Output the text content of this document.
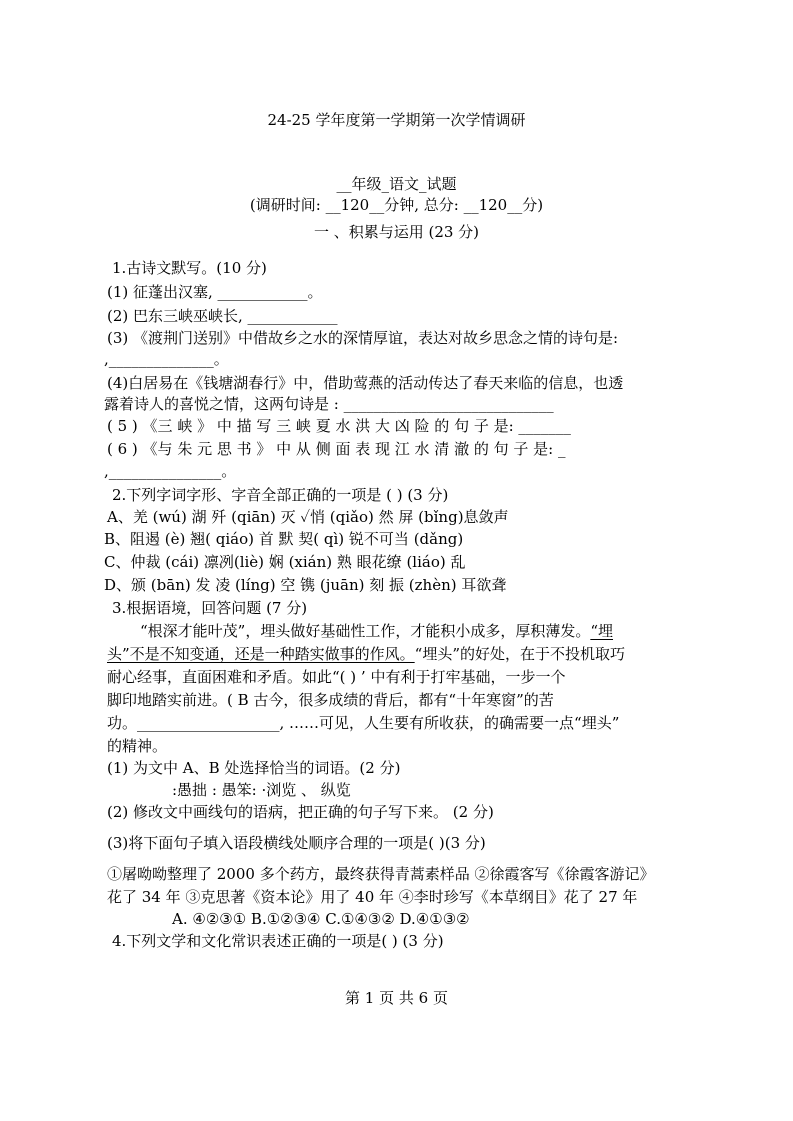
24-25 学年度第一学期第一次学情调研
__年级_语文_试题
(调研时间: __120__分钟, 总分: __120__分)
一 、积累与运用 (23 分)
1.古诗文默写。(10 分)
(1) 征蓬出汉塞, ____________。
(2) 巴东三峡巫峡长, ____________
(3) 《渡荆门送别》中借故乡之水的深情厚谊，表达对故乡思念之情的诗句是:
,______________。
(4)白居易在《钱塘湖春行》中，借助莺燕的活动传达了春天来临的信息，也透
露着诗人的喜悦之情，这两句诗是 : ____________________________
( 5 ) 《三 峡 》 中 描 写 三 峡 夏 水 洪 大 凶 险 的 句 子 是: _______
( 6 ) 《与 朱 元 思 书 》 中 从 侧 面 表 现 江 水 清 澈 的 句 子 是: _
,_______________。
2.下列字词字形、字音全部正确的一项是 ( ) (3 分)
A、羌 (wú) 湖 歼 (qiān) 灭 ✓悄 (qiǎo) 然 屏 (bǐng)息敛声
B、阻遏 (è) 翘( qiáo) 首 默 契( qì) 锐不可当 (dǎng)
C、仲裁 (cái) 凛冽(liè) 娴 (xián) 熟 眼花缭 (liáo) 乱
D、颁 (bān) 发 凌 (líng) 空 镌 (juān) 刻 振 (zhèn) 耳欲聋
3.根据语境，回答问题 (7 分)
“根深才能叶茂”，埋头做好基础性工作，才能积小成多，厚积薄发。“埋
头”不是不知变通，还是一种踏实做事的作风。“埋头”的好处，在于不投机取巧
耐心经事，直面困难和矛盾。如此“( ) ’ 中有利于打牢基础，一步一个
脚印地踏实前进。( B 古今，很多成绩的背后，都有“十年寒窗”的苦
功。___________________, ……可见，人生要有所收获，的确需要一点“埋头”
的精神。
(1) 为文中 A、B 处选择恰当的词语。(2 分)
:愚拙 : 愚笨: ·浏览 、 纵览
(2) 修改文中画线句的语病，把正确的句子写下来。 (2 分)
(3)将下面句子填入语段横线处顺序合理的一项是( )(3 分)
①屠呦呦整理了 2000 多个药方，最终获得青蒿素样品 ②徐霞客写《徐霞客游记》
花了 34 年 ③克思著《资本论》用了 40 年 ④李时珍写《本草纲目》花了 27 年
A. ④②③① B.①②③④ C.①④③② D.④①③②
4.下列文学和文化常识表述正确的一项是( ) (3 分)
第 1 页 共 6 页
